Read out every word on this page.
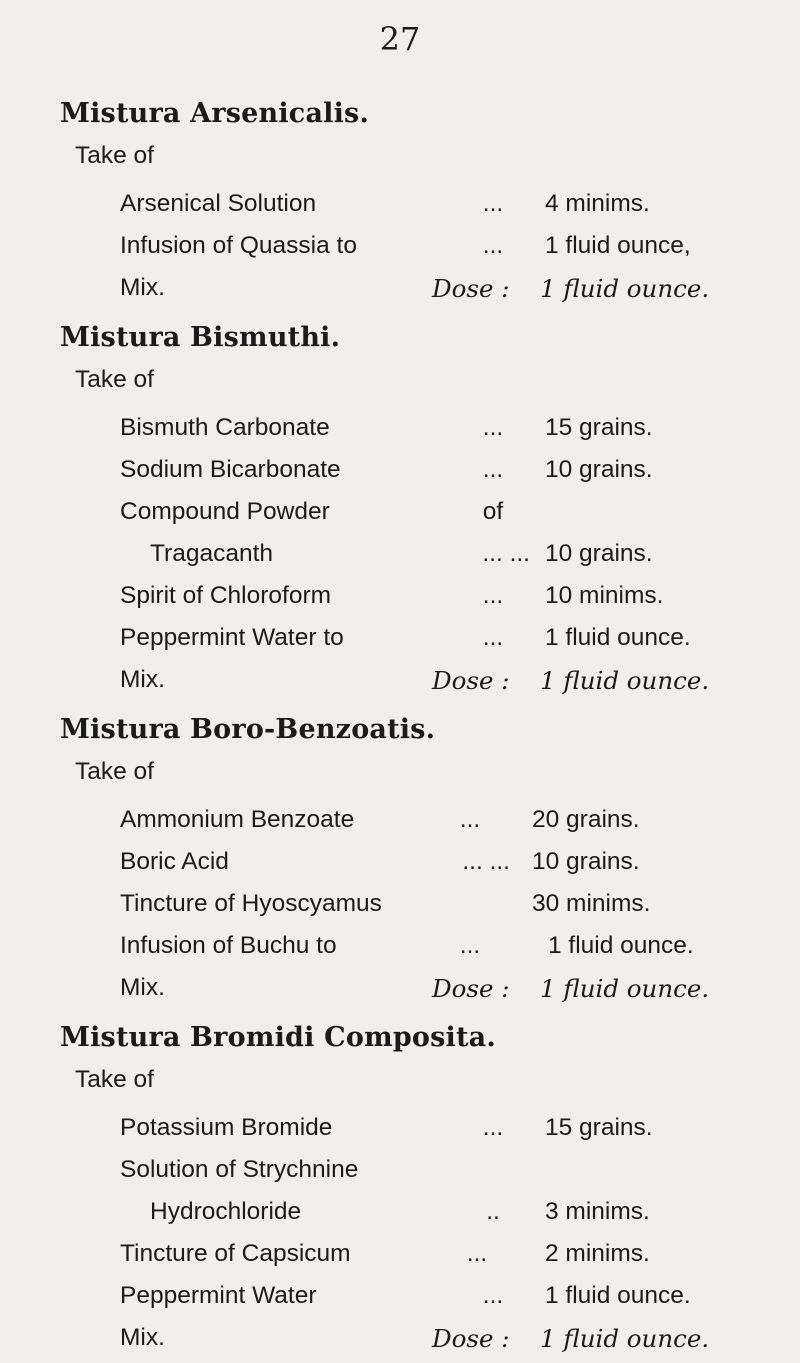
27
Mistura Arsenicalis.
Take of
Arsenical Solution	...	4 minims.
Infusion of Quassia to	...	1 fluid ounce,
Mix.	Dose : 1 fluid ounce.
Mistura Bismuthi.
Take of
Bismuth Carbonate	...	15 grains.
Sodium Bicarbonate	...	10 grains.
Compound Powder	of
Tragacanth	... ... 10 grains.
Spirit of Chloroform	...	10 minims.
Peppermint Water to	...	1 fluid ounce.
Mix.	Dose : 1 fluid ounce.
Mistura Boro-Benzoatis.
Take of
Ammonium Benzoate	...	20 grains.
Boric Acid	... ... 10 grains.
Tincture of Hyoscyamus	30 minims.
Infusion of Buchu to	...	1 fluid ounce.
Mix.	Dose : 1 fluid ounce.
Mistura Bromidi Composita.
Take of
Potassium Bromide	...	15 grains.
Solution of Strychnine
Hydrochloride	..	3 minims.
Tincture of Capsicum	...	2 minims.
Peppermint Water	...	1 fluid ounce.
Mix.	Dose : 1 fluid ounce.
